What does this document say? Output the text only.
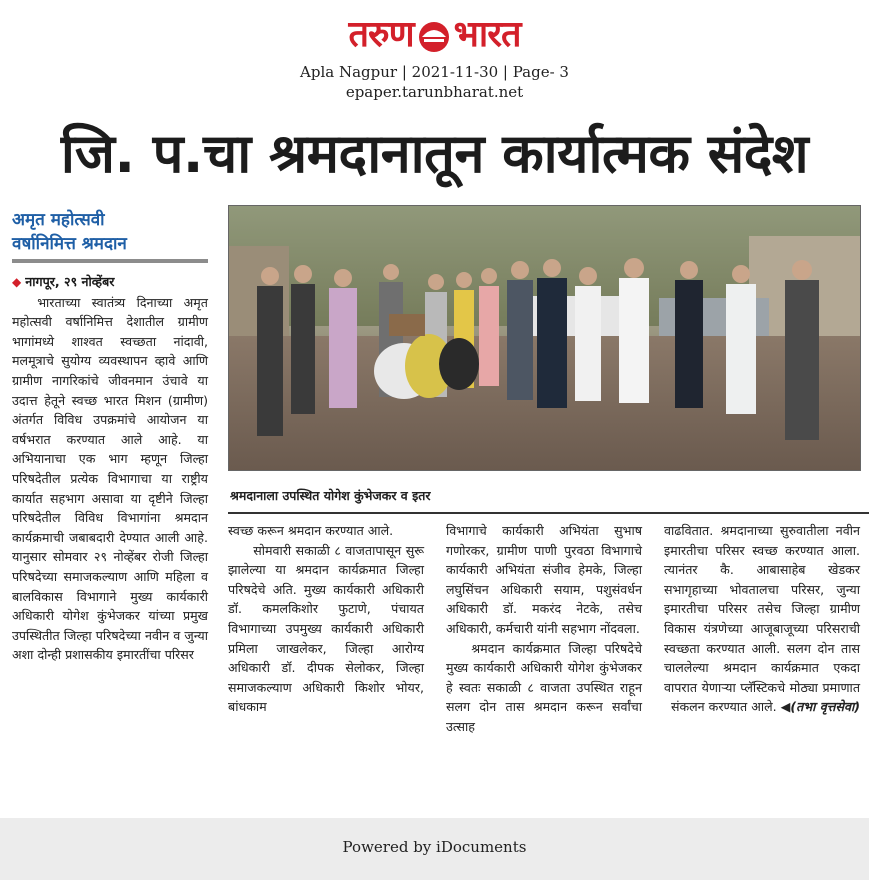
तरुण भारत
Apla Nagpur | 2021-11-30 | Page- 3
epaper.tarunbharat.net
जि. प.चा श्रमदानातून कार्यात्मक संदेश
अमृत महोत्सवी
वर्षानिमित्त श्रमदान

◆ नागपूर, २९ नोव्हेंबर
भारताच्या स्वातंत्र्य दिनाच्या अमृत महोत्सवी वर्षानिमित्त देशातील ग्रामीण भागांमध्ये शाश्वत स्वच्छता नांदावी, मलमूत्राचे सुयोग्य व्यवस्थापन व्हावे आणि ग्रामीण नागरिकांचे जीवनमान उंचावे या उदात्त हेतूने स्वच्छ भारत मिशन (ग्रामीण) अंतर्गत विविध उपक्रमांचे आयोजन या वर्षभरात करण्यात आले आहे. या अभियानाचा एक भाग म्हणून जिल्हा परिषदेतील प्रत्येक विभागाचा या राष्ट्रीय कार्यात सहभाग असावा या दृष्टीने जिल्हा परिषदेतील विविध विभागांना श्रमदान कार्यक्रमाची जबाबदारी देण्यात आली आहे. यानुसार सोमवार २९ नोव्हेंबर रोजी जिल्हा परिषदेच्या समाजकल्याण आणि महिला व बालविकास विभागाने मुख्य कार्यकारी अधिकारी योगेश कुंभेजकर यांच्या प्रमुख उपस्थितीत जिल्हा परिषदेच्या नवीन व जुन्या अशा दोन्ही प्रशासकीय इमारतींचा परिसर

श्रमदानाला उपस्थित योगेश कुंभेजकर व इतर

स्वच्छ करून श्रमदान करण्यात आले.

सोमवारी सकाळी ८ वाजतापासून सुरू झालेल्या या श्रमदान कार्यक्रमात जिल्हा परिषदेचे अति. मुख्य कार्यकारी अधिकारी डॉ. कमलकिशोर फुटाणे, पंचायत विभागाच्या उपमुख्य कार्यकारी अधिकारी प्रमिला जाखलेकर, जिल्हा आरोग्य अधिकारी डॉ. दीपक सेलोकर, जिल्हा समाजकल्याण अधिकारी किशोर भोयर, बांधकाम

विभागाचे कार्यकारी अभियंता सुभाष गणोरकर, ग्रामीण पाणी पुरवठा विभागाचे कार्यकारी अभियंता संजीव हेमके, जिल्हा लघुसिंचन अधिकारी सयाम, पशुसंवर्धन अधिकारी डॉ. मकरंद नेटके, तसेच अधिकारी, कर्मचारी यांनी सहभाग नोंदवला.

श्रमदान कार्यक्रमात जिल्हा परिषदेचे मुख्य कार्यकारी अधिकारी योगेश कुंभेजकर हे स्वतः सकाळी ८ वाजता उपस्थित राहून सलग दोन तास श्रमदान करून सर्वांचा उत्साह

वाढवितात. श्रमदानाच्या सुरुवातीला नवीन इमारतीचा परिसर स्वच्छ करण्यात आला. त्यानंतर कै. आबासाहेब खेडकर सभागृहाच्या भोवतालचा परिसर, जुन्या इमारतीचा परिसर तसेच जिल्हा ग्रामीण विकास यंत्रणेच्या आजूबाजूच्या परिसराची स्वच्छता करण्यात आली. सलग दोन तास चाललेल्या श्रमदान कार्यक्रमात एकदा वापरात येणाऱ्या प्लॅस्टिकचे मोठ्या प्रमाणात संकलन करण्यात आले. ◀(तभा वृत्तसेवा)

Powered by iDocuments
